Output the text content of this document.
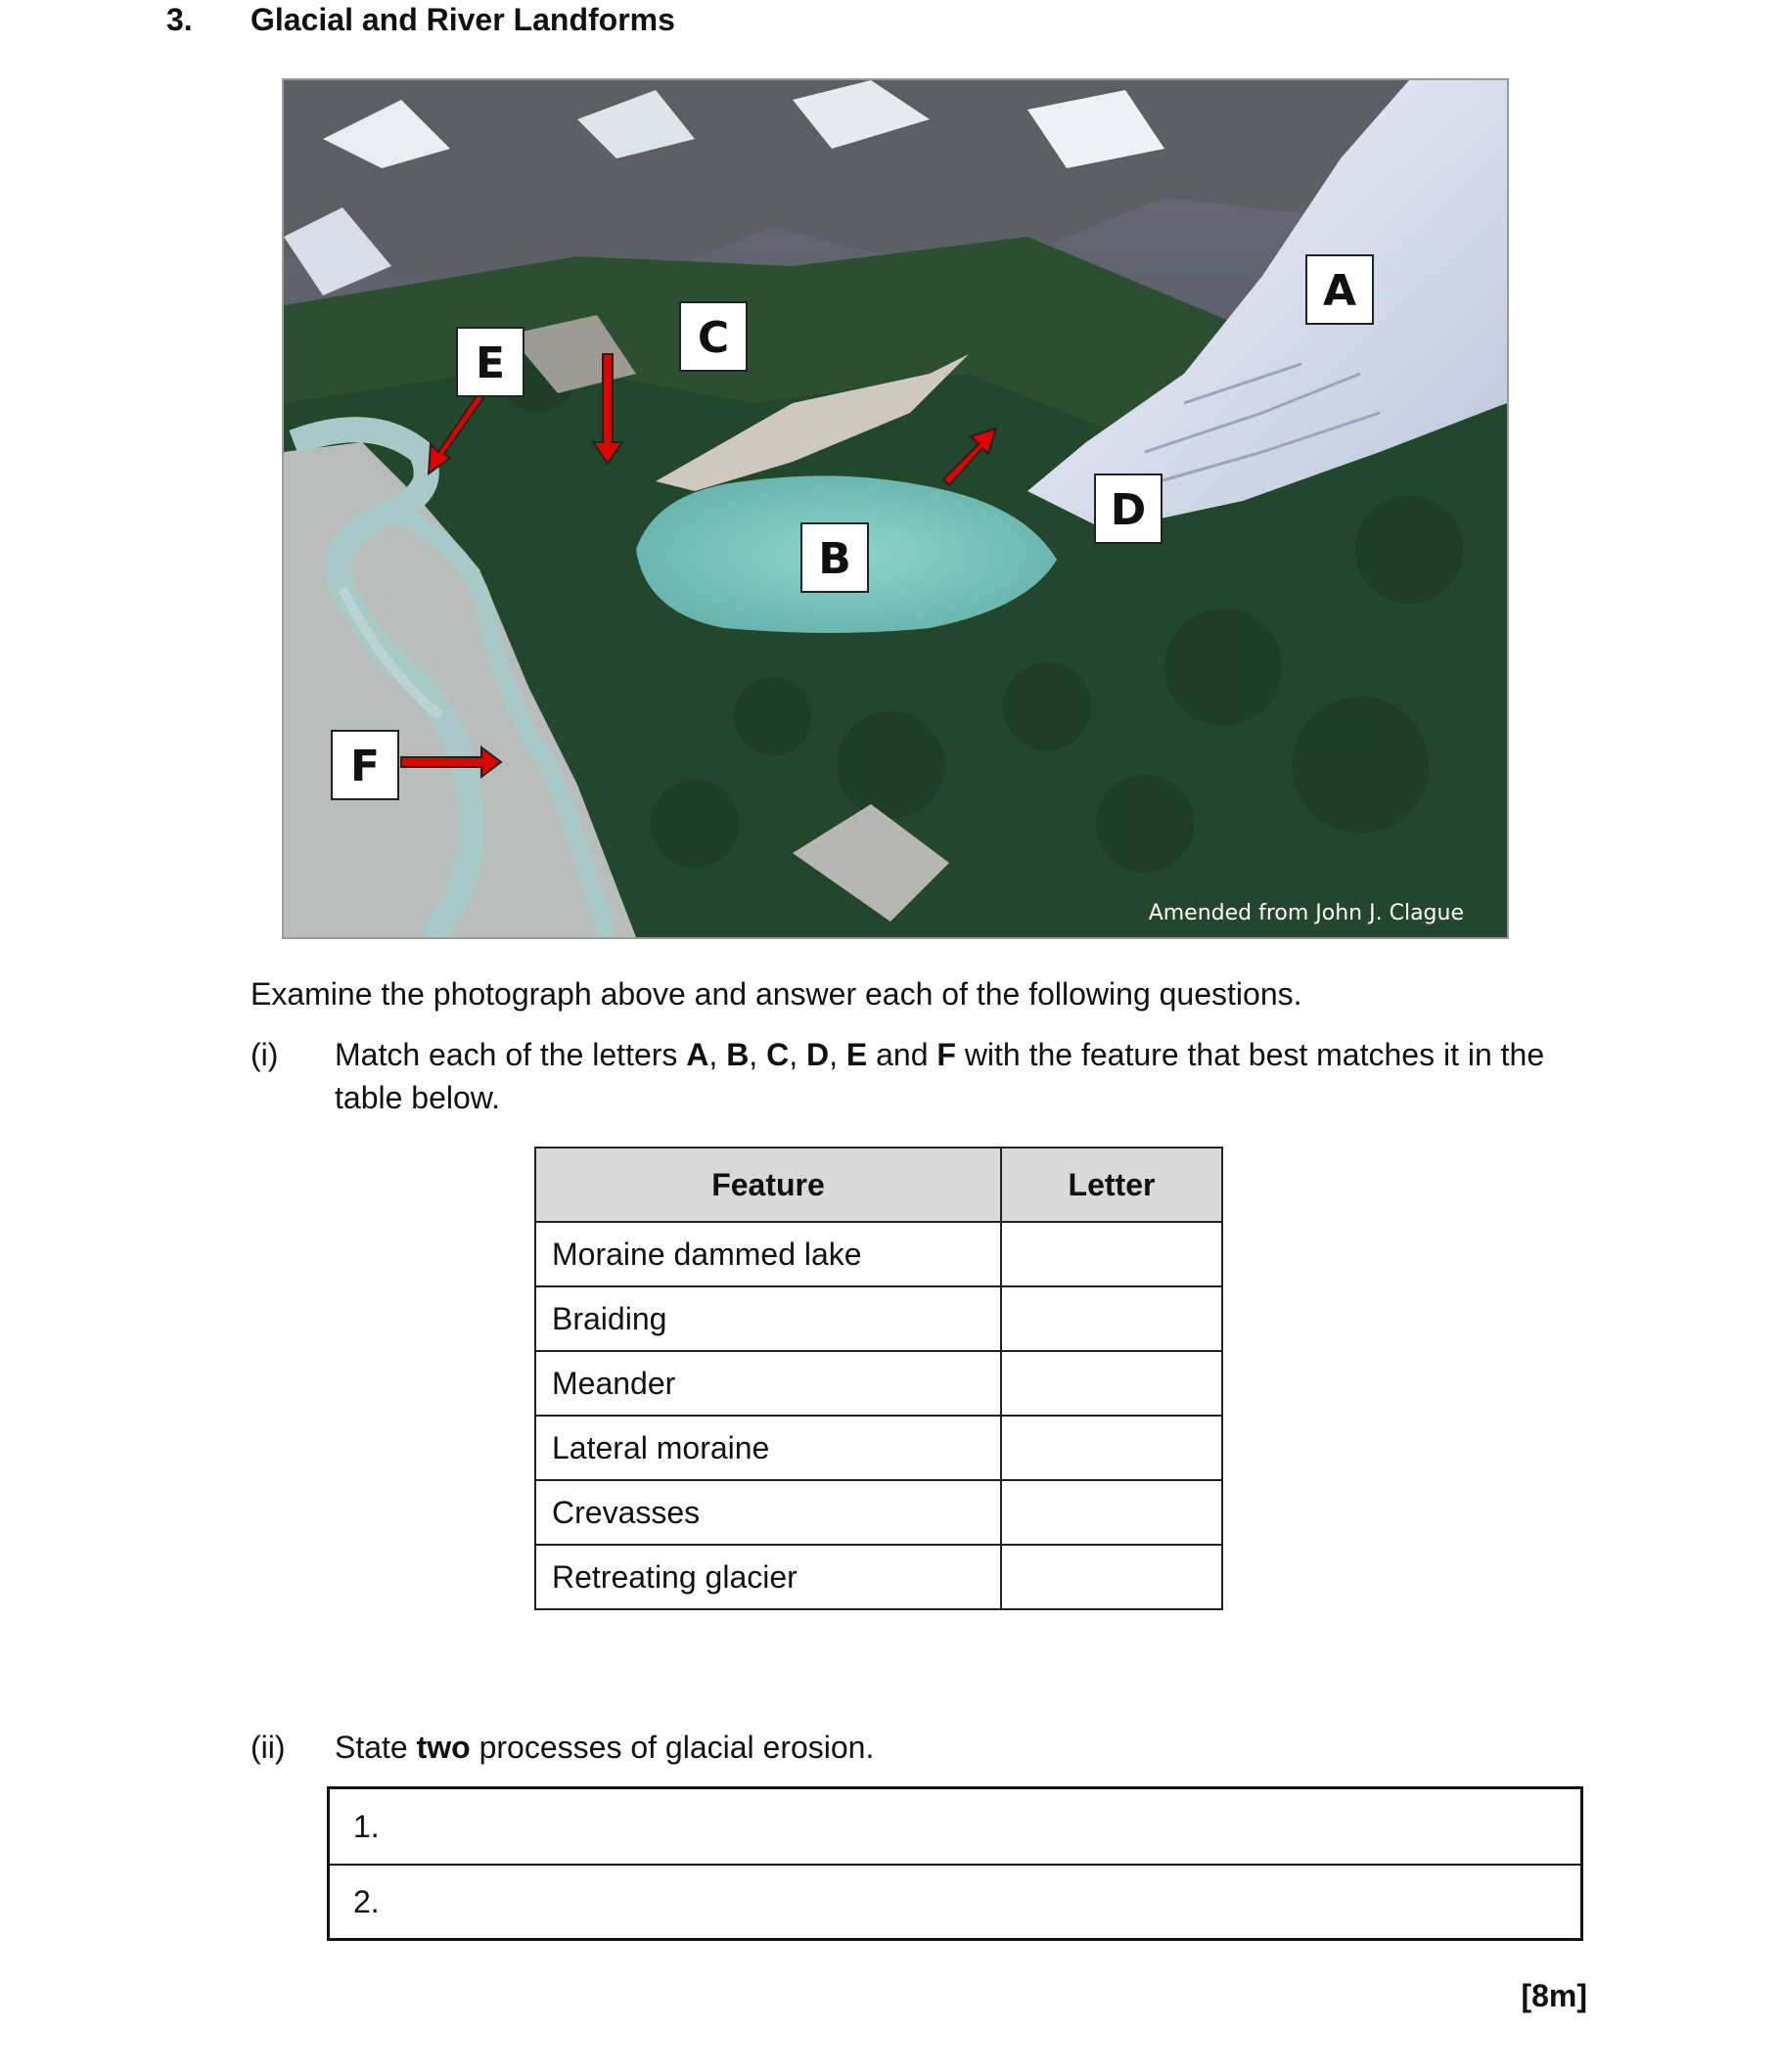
3. Glacial and River Landforms
A
B
C
D
E
F
Amended from John J. Clague
Examine the photograph above and answer each of the following questions.
(i) Match each of the letters A, B, C, D, E and F with the feature that best matches it in the table below.
Feature	Letter
Moraine dammed lake	
Braiding	
Meander	
Lateral moraine	
Crevasses	
Retreating glacier	
(ii) State two processes of glacial erosion.
1.
2.
[8m]
